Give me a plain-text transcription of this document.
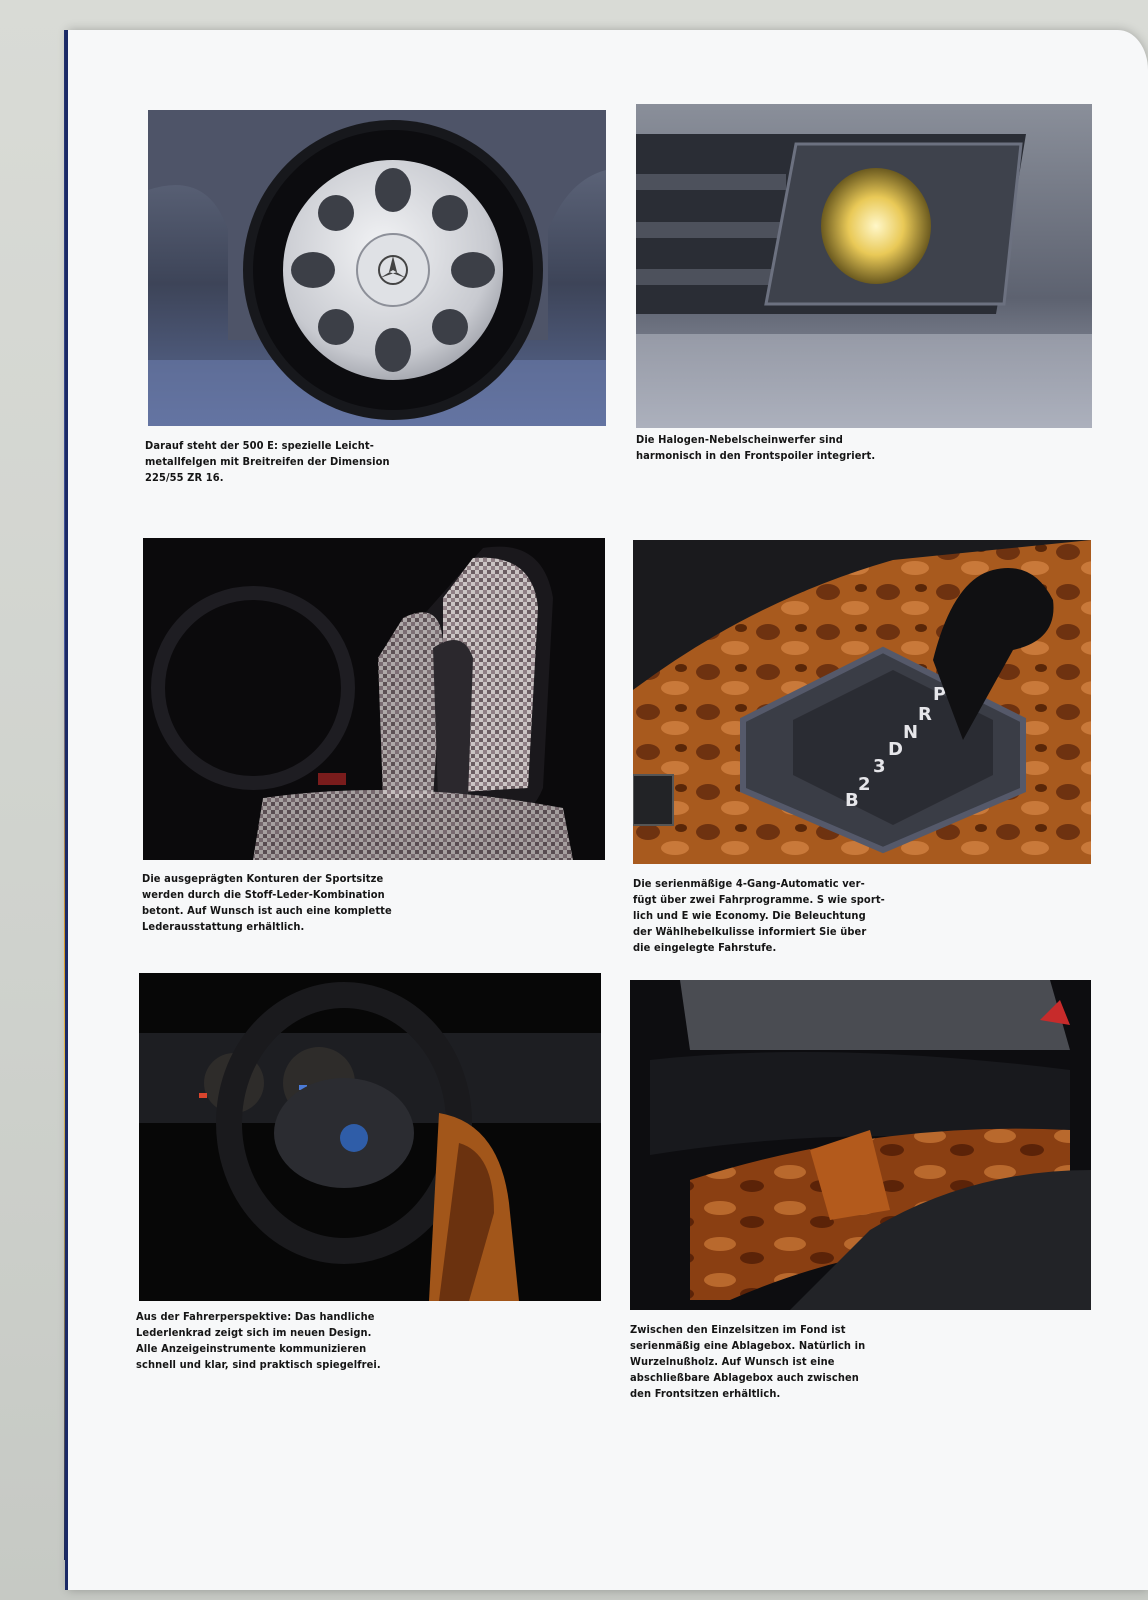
P
R
N
D
3
2
B
Darauf steht der 500 E: spezielle Leicht-
metallfelgen mit Breitreifen der Dimension
225/55 ZR 16.
Die Halogen-Nebelscheinwerfer sind
harmonisch in den Frontspoiler integriert.
Die ausgeprägten Konturen der Sportsitze
werden durch die Stoff-Leder-Kombination
betont. Auf Wunsch ist auch eine komplette
Lederausstattung erhältlich.
Die serienmäßige 4-Gang-Automatic ver-
fügt über zwei Fahrprogramme. S wie sport-
lich und E wie Economy. Die Beleuchtung
der Wählhebelkulisse informiert Sie über
die eingelegte Fahrstufe.
Aus der Fahrerperspektive: Das handliche
Lederlenkrad zeigt sich im neuen Design.
Alle Anzeigeinstrumente kommunizieren
schnell und klar, sind praktisch spiegelfrei.
Zwischen den Einzelsitzen im Fond ist
serienmäßig eine Ablagebox. Natürlich in
Wurzelnußholz. Auf Wunsch ist eine
abschließbare Ablagebox auch zwischen
den Frontsitzen erhältlich.
